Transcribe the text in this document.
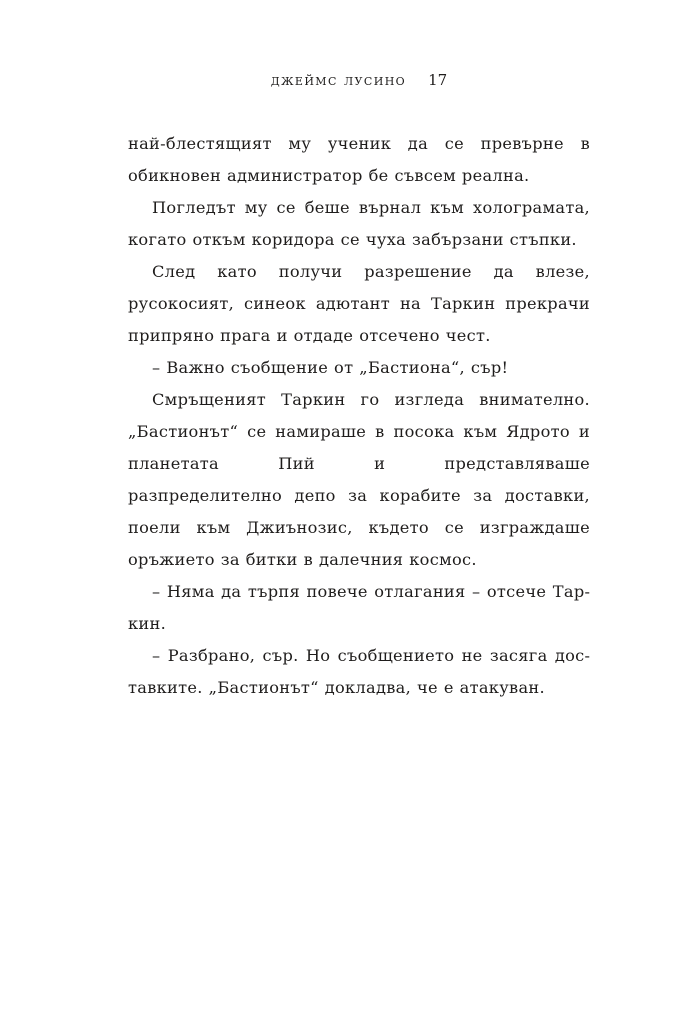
джеймс лусино 17

най-блестящият му ученик да се превърне в обикновен администратор бе съвсем реална.

Погледът му се беше върнал към холограмата, когато откъм коридора се чуха забързани стъпки.

След като получи разрешение да влезе, русокосият, синеок адютант на Таркин прекрачи припряно прага и отдаде отсечено чест.

– Важно съобщение от „Бастиона“, сър!

Смръщеният Таркин го изгледа внимателно. „Бастионът“ се намираше в посока към Ядрото и планетата Пий и представляваше разпределително депо за корабите за доставки, поели към Джиънозис, където се изграждаше оръжието за битки в далечния космос.

– Няма да търпя повече отлагания – отсече Таркин.

– Разбрано, сър. Но съобщението не засяга доставките. „Бастионът“ докладва, че е атакуван.
